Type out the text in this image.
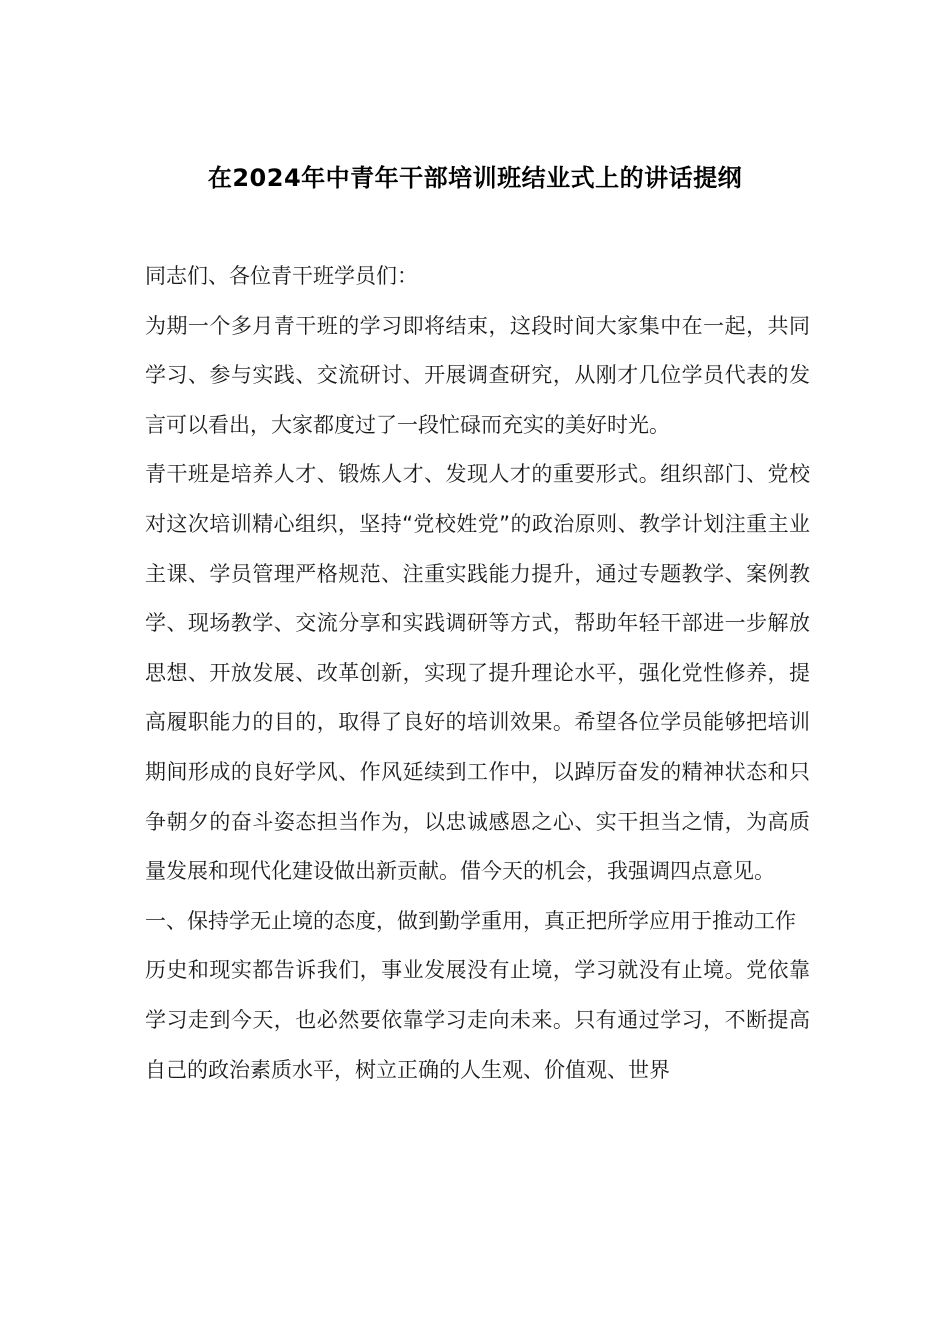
在2024年中青年干部培训班结业式上的讲话提纲

同志们、各位青干班学员们：

为期一个多月青干班的学习即将结束，这段时间大家集中在一起，共同学习、参与实践、交流研讨、开展调查研究，从刚才几位学员代表的发言可以看出，大家都度过了一段忙碌而充实的美好时光。

青干班是培养人才、锻炼人才、发现人才的重要形式。组织部门、党校对这次培训精心组织，坚持“党校姓党”的政治原则、教学计划注重主业主课、学员管理严格规范、注重实践能力提升，通过专题教学、案例教学、现场教学、交流分享和实践调研等方式，帮助年轻干部进一步解放思想、开放发展、改革创新，实现了提升理论水平，强化党性修养，提高履职能力的目的，取得了良好的培训效果。希望各位学员能够把培训期间形成的良好学风、作风延续到工作中，以踔厉奋发的精神状态和只争朝夕的奋斗姿态担当作为，以忠诚感恩之心、实干担当之情，为高质量发展和现代化建设做出新贡献。借今天的机会，我强调四点意见。

一、保持学无止境的态度，做到勤学重用，真正把所学应用于推动工作

历史和现实都告诉我们，事业发展没有止境，学习就没有止境。党依靠学习走到今天，也必然要依靠学习走向未来。只有通过学习，不断提高自己的政治素质水平，树立正确的人生观、价值观、世界
